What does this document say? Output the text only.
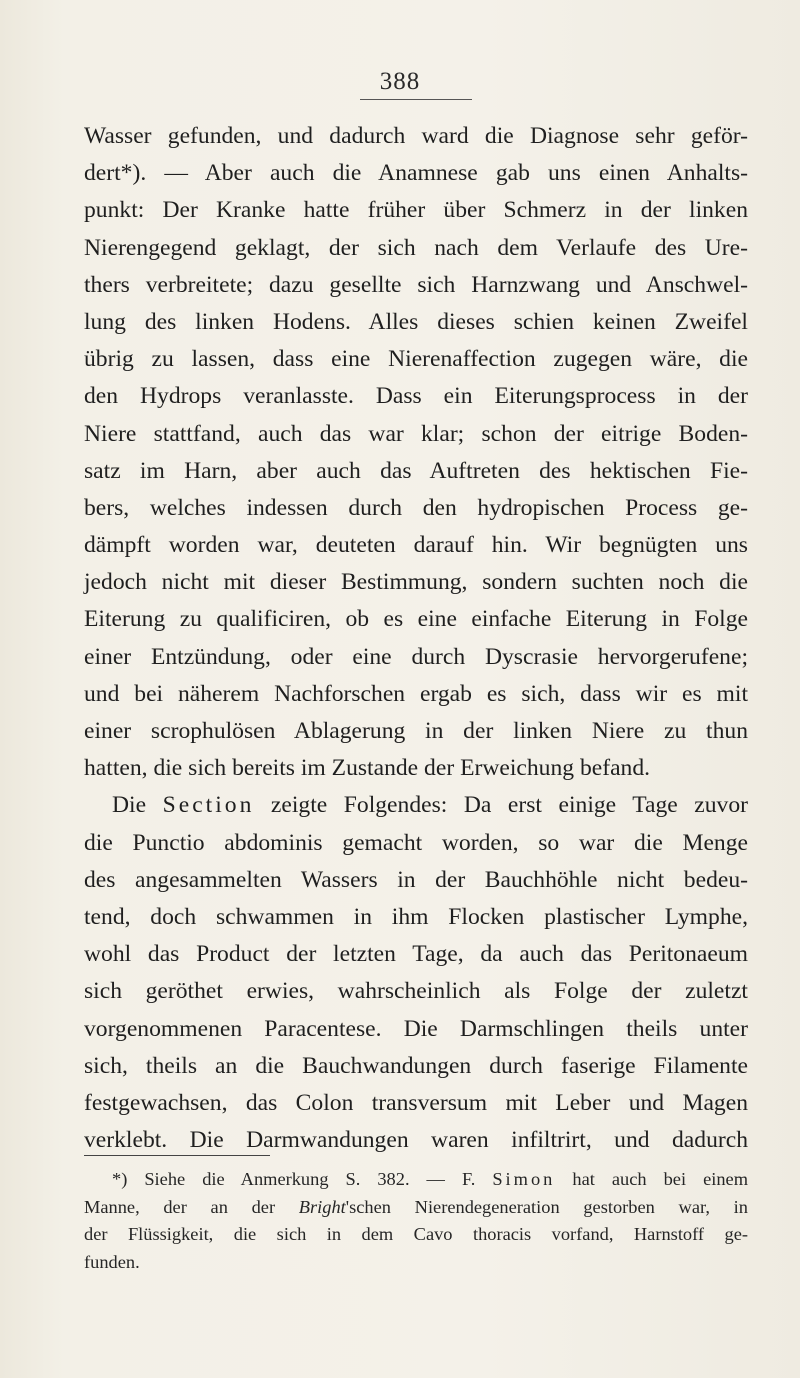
388
Wasser gefunden, und dadurch ward die Diagnose sehr geför-
dert*). — Aber auch die Anamnese gab uns einen Anhalts-
punkt: Der Kranke hatte früher über Schmerz in der linken
Nierengegend geklagt, der sich nach dem Verlaufe des Ure-
thers verbreitete; dazu gesellte sich Harnzwang und Anschwel-
lung des linken Hodens. Alles dieses schien keinen Zweifel
übrig zu lassen, dass eine Nierenaffection zugegen wäre, die
den Hydrops veranlasste. Dass ein Eiterungsprocess in der
Niere stattfand, auch das war klar; schon der eitrige Boden-
satz im Harn, aber auch das Auftreten des hektischen Fie-
bers, welches indessen durch den hydropischen Process ge-
dämpft worden war, deuteten darauf hin. Wir begnügten uns
jedoch nicht mit dieser Bestimmung, sondern suchten noch die
Eiterung zu qualificiren, ob es eine einfache Eiterung in Folge
einer Entzündung, oder eine durch Dyscrasie hervorgerufene;
und bei näherem Nachforschen ergab es sich, dass wir es mit
einer scrophulösen Ablagerung in der linken Niere zu thun
hatten, die sich bereits im Zustande der Erweichung befand.
Die Section zeigte Folgendes: Da erst einige Tage zuvor
die Punctio abdominis gemacht worden, so war die Menge
des angesammelten Wassers in der Bauchhöhle nicht bedeu-
tend, doch schwammen in ihm Flocken plastischer Lymphe,
wohl das Product der letzten Tage, da auch das Peritonaeum
sich geröthet erwies, wahrscheinlich als Folge der zuletzt
vorgenommenen Paracentese. Die Darmschlingen theils unter
sich, theils an die Bauchwandungen durch faserige Filamente
festgewachsen, das Colon transversum mit Leber und Magen
verklebt. Die Darmwandungen waren infiltrirt, und dadurch
*) Siehe die Anmerkung S. 382. — F. Simon hat auch bei einem
Manne, der an der Bright'schen Nierendegeneration gestorben war, in
der Flüssigkeit, die sich in dem Cavo thoracis vorfand, Harnstoff ge-
funden.
